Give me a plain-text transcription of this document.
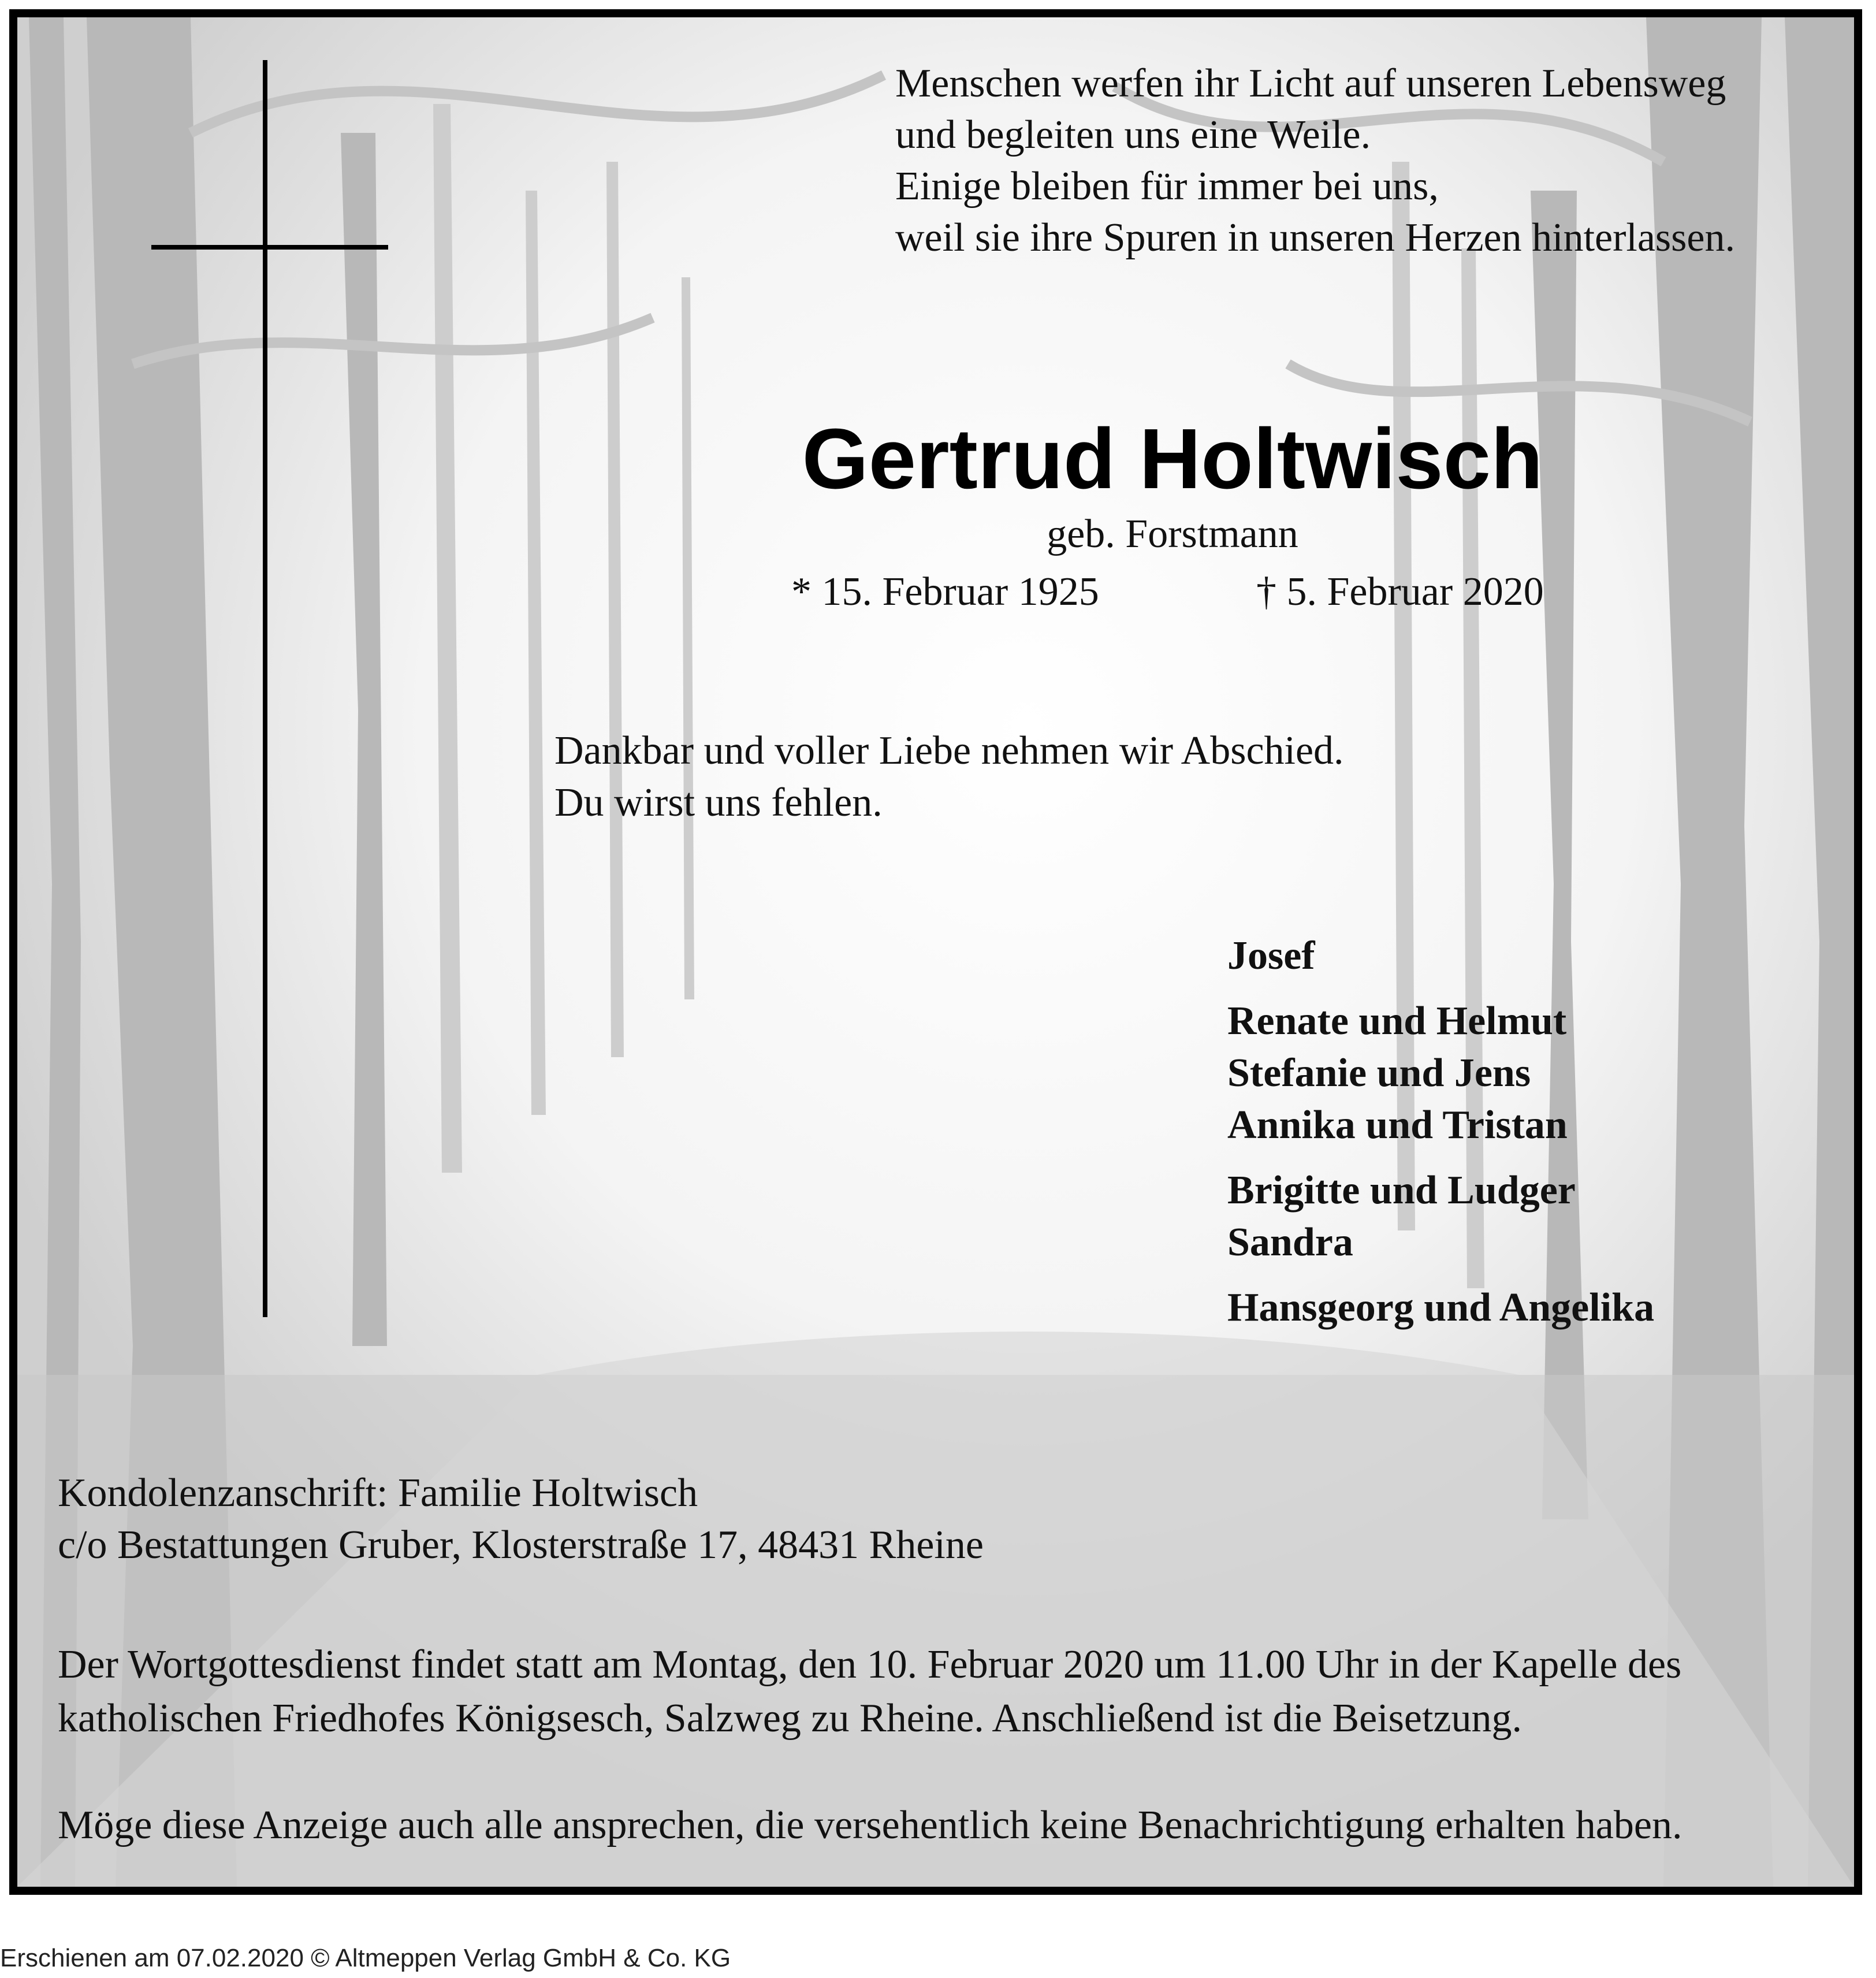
Menschen werfen ihr Licht auf unseren Lebensweg
und begleiten uns eine Weile.
Einige bleiben für immer bei uns,
weil sie ihre Spuren in unseren Herzen hinterlassen.
Gertrud Holtwisch
geb. Forstmann
* 15. Februar 1925	† 5. Februar 2020
Dankbar und voller Liebe nehmen wir Abschied.
Du wirst uns fehlen.
Josef
Renate und Helmut
Stefanie und Jens
Annika und Tristan
Brigitte und Ludger
Sandra
Hansgeorg und Angelika
Kondolenzanschrift: Familie Holtwisch
c/o Bestattungen Gruber, Klosterstraße 17, 48431 Rheine
Der Wortgottesdienst findet statt am Montag, den 10. Februar 2020 um 11.00 Uhr in der Kapelle des
katholischen Friedhofes Königsesch, Salzweg zu Rheine. Anschließend ist die Beisetzung.
Möge diese Anzeige auch alle ansprechen, die versehentlich keine Benachrichtigung erhalten haben.
Erschienen am 07.02.2020 © Altmeppen Verlag GmbH & Co. KG
